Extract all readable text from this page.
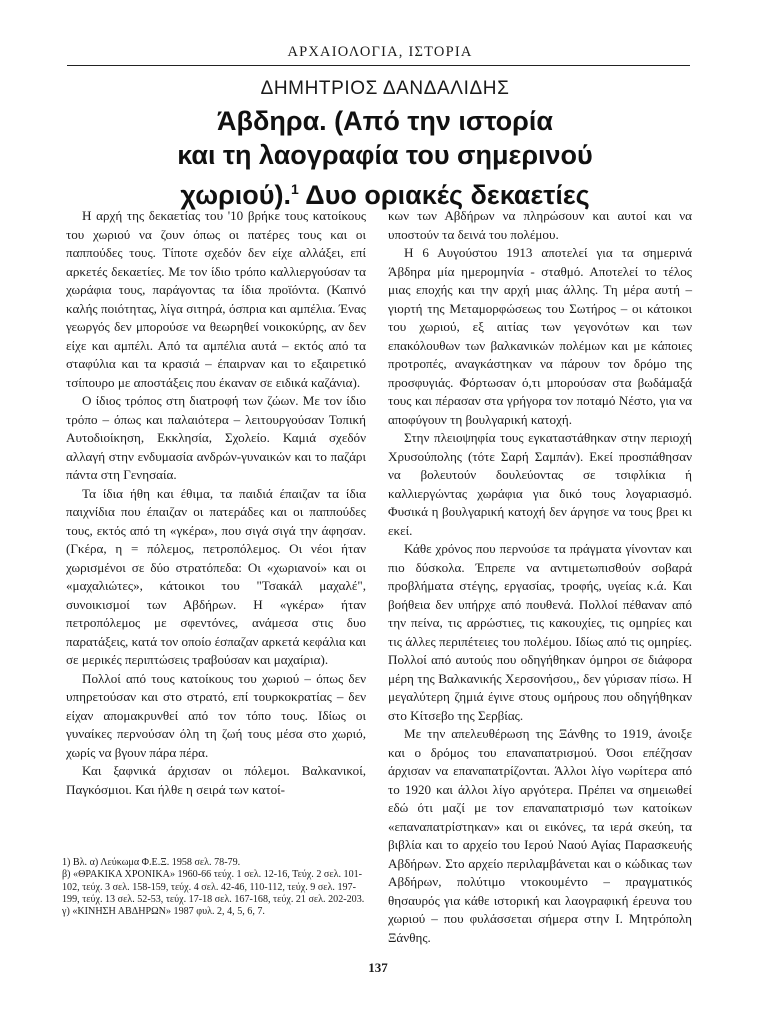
ΑΡΧΑΙΟΛΟΓΙΑ, ΙΣΤΟΡΙΑ
ΔΗΜΗΤΡΙΟΣ ΔΑΝΔΑΛΙΔΗΣ
Άβδηρα. (Από την ιστορία
και τη λαογραφία του σημερινού
χωριού).$^1$ Δυο οριακές δεκαετίες

Η αρχή της δεκαετίας του '10 βρήκε τους κατοίκους του χωριού να ζουν όπως οι πατέρες τους και οι παππούδες τους. Τίποτε σχεδόν δεν είχε αλλάξει, επί αρκετές δεκαετίες. Με τον ίδιο τρόπο καλλιεργούσαν τα χωράφια τους, παράγοντας τα ίδια προϊόντα. (Καπνό καλής ποιότητας, λίγα σιτηρά, όσπρια και αμπέλια. Ένας γεωργός δεν μπορούσε να θεωρηθεί νοικοκύρης, αν δεν είχε και αμπέλι. Από τα αμπέλια αυτά – εκτός από τα σταφύλια και τα κρασιά – έπαιρναν και το εξαιρετικό τσίπουρο με αποστάξεις που έκαναν σε ειδικά καζάνια).

Ο ίδιος τρόπος στη διατροφή των ζώων. Με τον ίδιο τρόπο – όπως και παλαιότερα – λειτουργούσαν Τοπική Αυτοδιοίκηση, Εκκλησία, Σχολείο. Καμιά σχεδόν αλλαγή στην ενδυμασία ανδρών-γυναικών και το παζάρι πάντα στη Γενησαία.

Τα ίδια ήθη και έθιμα, τα παιδιά έπαιζαν τα ίδια παιχνίδια που έπαιζαν οι πατεράδες και οι παππούδες τους, εκτός από τη «γκέρα», που σιγά σιγά την άφησαν. (Γκέρα, η = πόλεμος, πετροπόλεμος. Οι νέοι ήταν χωρισμένοι σε δύο στρατόπεδα: Οι «χωριανοί» και οι «μαχαλιώτες», κάτοικοι του "Τσακάλ μαχαλέ", συνοικισμοί των Αβδήρων. Η «γκέρα» ήταν πετροπόλεμος με σφεντόνες, ανάμεσα στις δυο παρατάξεις, κατά τον οποίο έσπαζαν αρκετά κεφάλια και σε μερικές περιπτώσεις τραβούσαν και μαχαίρια).

Πολλοί από τους κατοίκους του χωριού – όπως δεν υπηρετούσαν και στο στρατό, επί τουρκοκρατίας – δεν είχαν απομακρυνθεί από τον τόπο τους. Ιδίως οι γυναίκες περνούσαν όλη τη ζωή τους μέσα στο χωριό, χωρίς να βγουν πάρα πέρα.

Και ξαφνικά άρχισαν οι πόλεμοι. Βαλκανικοί, Παγκόσμιοι. Και ήλθε η σειρά των κατοί-

κων των Αβδήρων να πληρώσουν και αυτοί και να υποστούν τα δεινά του πολέμου.

Η 6 Αυγούστου 1913 αποτελεί για τα σημερινά Άβδηρα μία ημερομηνία - σταθμό. Αποτελεί το τέλος μιας εποχής και την αρχή μιας άλλης. Τη μέρα αυτή – γιορτή της Μεταμορφώσεως του Σωτήρος – οι κάτοικοι του χωριού, εξ αιτίας των γεγονότων και των επακόλουθων των βαλκανικών πολέμων και με κάποιες προτροπές, αναγκάστηκαν να πάρουν τον δρόμο της προσφυγιάς. Φόρτωσαν ό,τι μπορούσαν στα βωδάμαξά τους και πέρασαν στα γρήγορα τον ποταμό Νέστο, για να αποφύγουν τη βουλγαρική κατοχή.

Στην πλειοψηφία τους εγκαταστάθηκαν στην περιοχή Χρυσούπολης (τότε Σαρή Σαμπάν). Εκεί προσπάθησαν να βολευτούν δουλεύοντας σε τσιφλίκια ή καλλιεργώντας χωράφια για δικό τους λογαριασμό. Φυσικά η βουλγαρική κατοχή δεν άργησε να τους βρει κι εκεί.

Κάθε χρόνος που περνούσε τα πράγματα γίνονταν και πιο δύσκολα. Έπρεπε να αντιμετωπισθούν σοβαρά προβλήματα στέγης, εργασίας, τροφής, υγείας κ.ά. Και βοήθεια δεν υπήρχε από πουθενά. Πολλοί πέθαναν από την πείνα, τις αρρώστιες, τις κακουχίες, τις ομηρίες και τις άλλες περιπέτειες του πολέμου. Ιδίως από τις ομηρίες. Πολλοί από αυτούς που οδηγήθηκαν όμηροι σε διάφορα μέρη της Βαλκανικής Χερσονήσου,, δεν γύρισαν πίσω. Η μεγαλύτερη ζημιά έγινε στους ομήρους που οδηγήθηκαν στο Κίτσεβο της Σερβίας.

Με την απελευθέρωση της Ξάνθης το 1919, άνοιξε και ο δρόμος του επαναπατρισμού. Όσοι επέζησαν άρχισαν να επαναπατρίζονται. Άλλοι λίγο νωρίτερα από το 1920 και άλλοι λίγο αργότερα. Πρέπει να σημειωθεί εδώ ότι μαζί με τον επαναπατρισμό των κατοίκων «επαναπατρίστηκαν» και οι εικόνες, τα ιερά σκεύη, τα βιβλία και το αρχείο του Ιερού Ναού Αγίας Παρασκευής Αβδήρων. Στο αρχείο περιλαμβάνεται και ο κώδικας των Αβδήρων, πολύτιμο ντοκουμέντο – πραγματικός θησαυρός για κάθε ιστορική και λαογραφική έρευνα του χωριού – που φυλάσσεται σήμερα στην Ι. Μητρόπολη Ξάνθης.

1) Βλ. α) Λεύκωμα Φ.Ε.Ξ. 1958 σελ. 78-79.
β) «ΘΡΑΚΙΚΑ ΧΡΟΝΙΚΑ» 1960-66 τεύχ. 1 σελ. 12-16, Τεύχ. 2 σελ. 101-102, τεύχ. 3 σελ. 158-159, τεύχ. 4 σελ. 42-46, 110-112, τεύχ. 9 σελ. 197-199, τεύχ. 13 σελ. 52-53, τεύχ. 17-18 σελ. 167-168, τεύχ. 21 σελ. 202-203.
γ) «ΚΙΝΗΣΗ ΑΒΔΗΡΩΝ» 1987 φυλ. 2, 4, 5, 6, 7.
137
